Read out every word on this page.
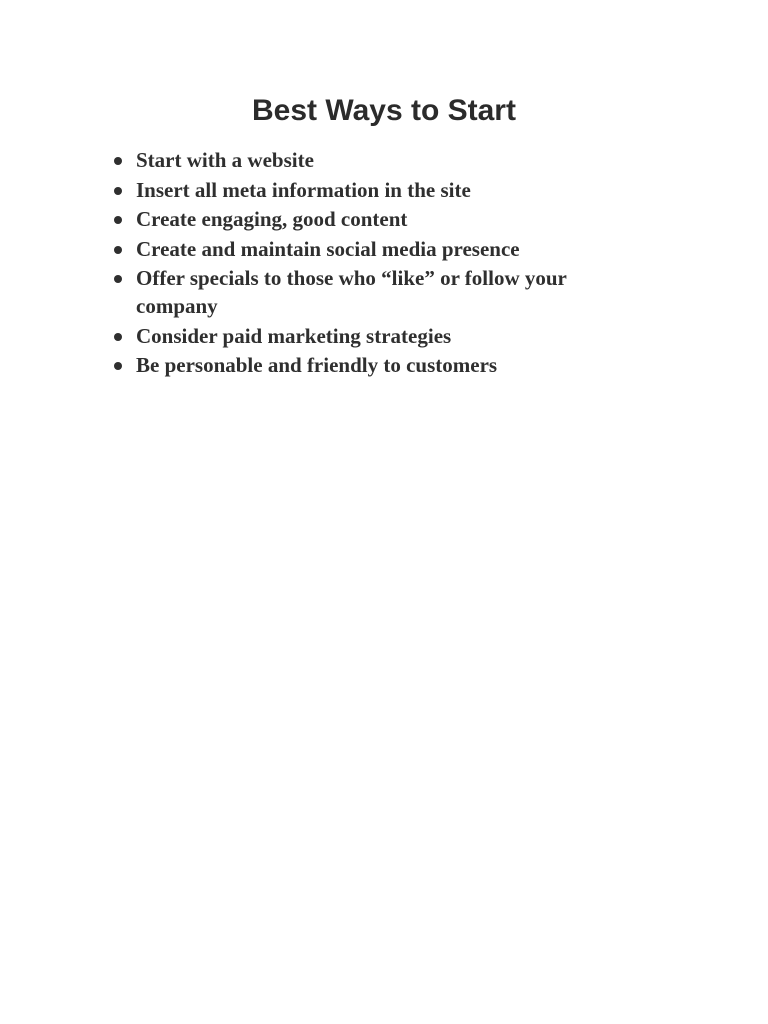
Best Ways to Start
Start with a website
Insert all meta information in the site
Create engaging, good content
Create and maintain social media presence
Offer specials to those who “like” or follow your company
Consider paid marketing strategies
Be personable and friendly to customers
